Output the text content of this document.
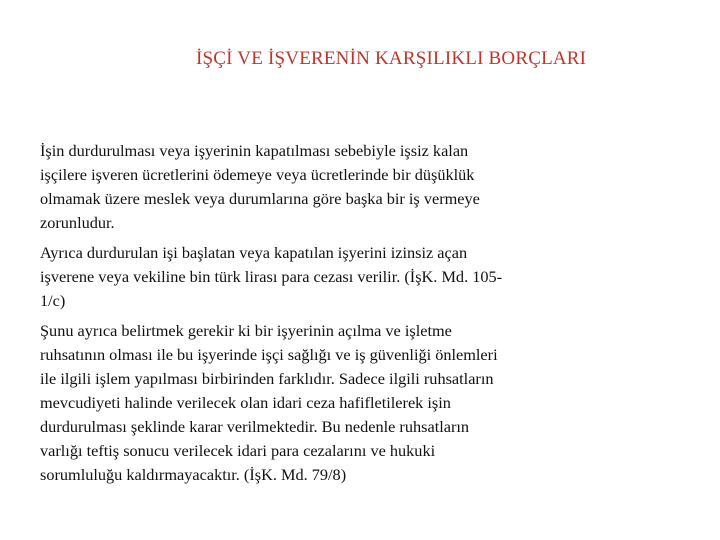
İŞÇİ VE İŞVERENİN KARŞILIKLI BORÇLARI

İşin durdurulması veya işyerinin kapatılması sebebiyle işsiz kalan
işçilere işveren ücretlerini ödemeye veya ücretlerinde bir düşüklük
olmamak üzere meslek veya durumlarına göre başka bir iş vermeye
zorunludur.

Ayrıca durdurulan işi başlatan veya kapatılan işyerini izinsiz açan
işverene veya vekiline bin türk lirası para cezası verilir. (İşK. Md. 105-
1/c)

Şunu ayrıca belirtmek gerekir ki bir işyerinin açılma ve işletme
ruhsatının olması ile bu işyerinde işçi sağlığı ve iş güvenliği önlemleri
ile ilgili işlem yapılması birbirinden farklıdır. Sadece ilgili ruhsatların
mevcudiyeti halinde verilecek olan idari ceza hafifletilerek işin
durdurulması şeklinde karar verilmektedir. Bu nedenle ruhsatların
varlığı teftiş sonucu verilecek idari para cezalarını ve hukuki
sorumluluğu kaldırmayacaktır. (İşK. Md. 79/8)
